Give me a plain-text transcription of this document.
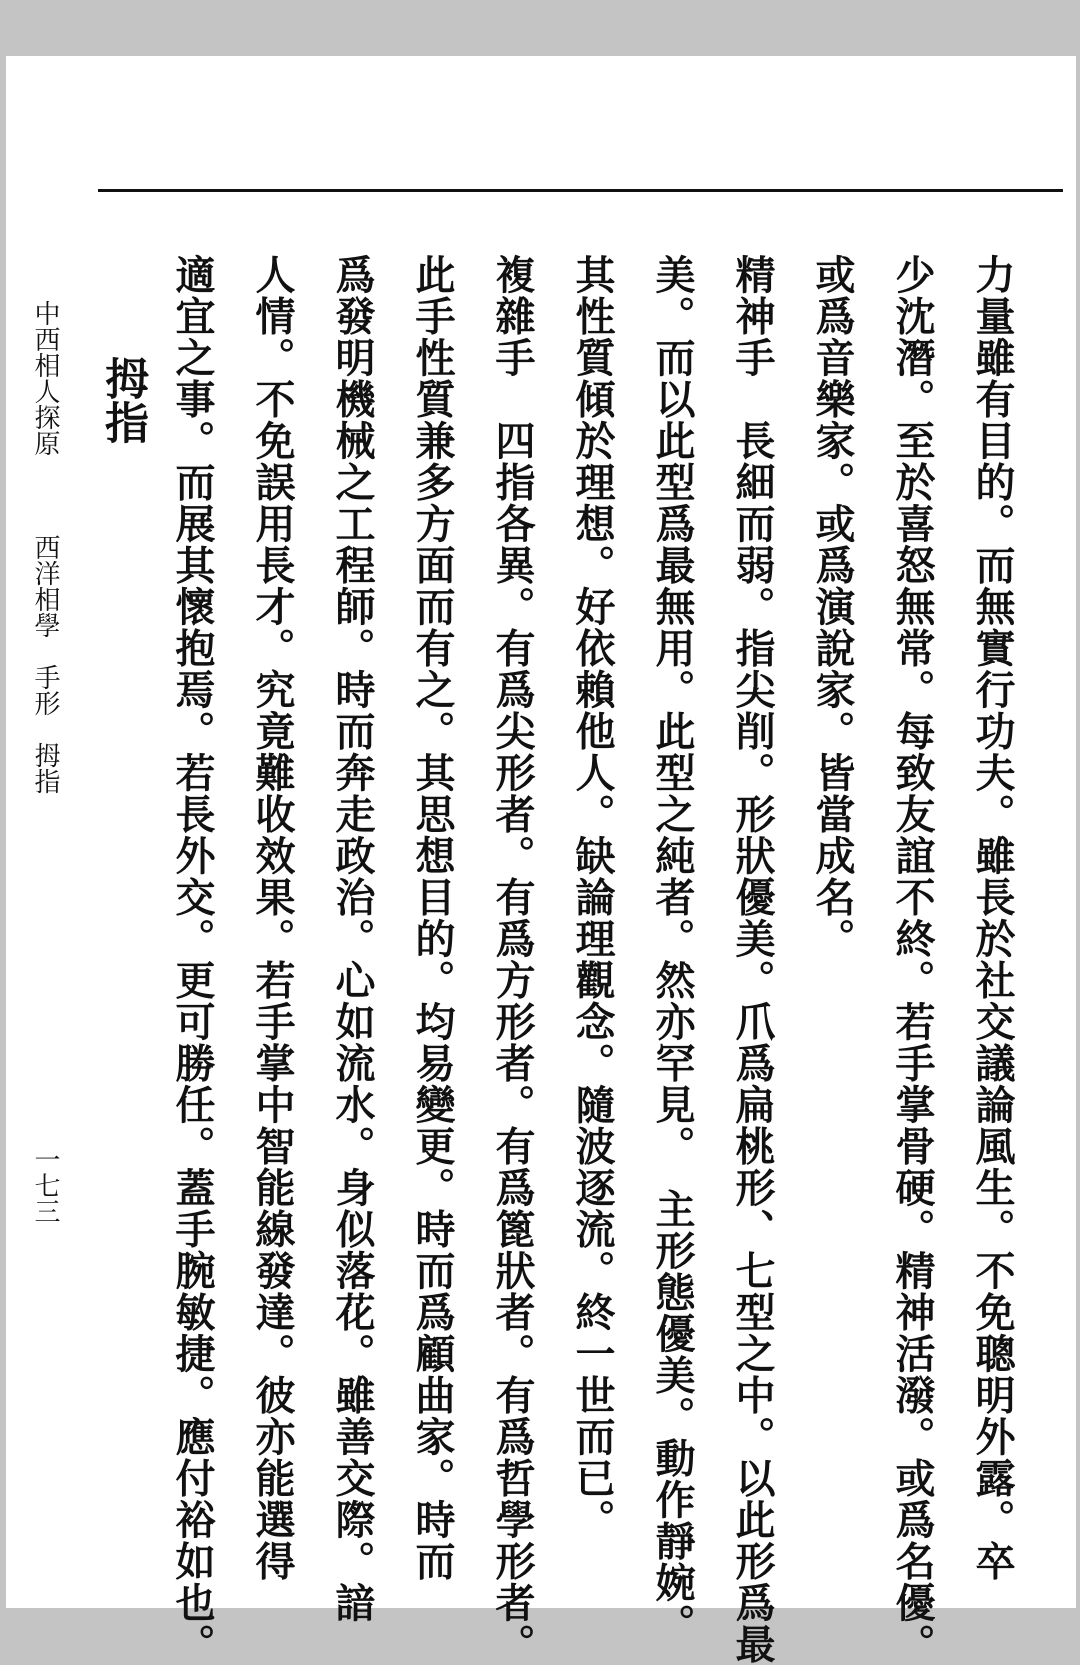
力量雖有目的。而無實行功夫。雖長於社交議論風生。不免聰明外露。卒
少沈潛。至於喜怒無常。每致友誼不終。若手掌骨硬。精神活潑。或爲名優。
或爲音樂家。或爲演說家。皆當成名。
精神手　長細而弱。指尖削。形狀優美。爪爲扁桃形、七型之中。以此形爲最
美。而以此型爲最無用。此型之純者。然亦罕見。　主形態優美。動作靜婉。
其性質傾於理想。好依賴他人。缺論理觀念。隨波逐流。終一世而已。
複雜手　四指各異。有爲尖形者。有爲方形者。有爲篦狀者。有爲哲學形者。
此手性質兼多方面而有之。其思想目的。均易變更。時而爲顧曲家。時而
爲發明機械之工程師。時而奔走政治。心如流水。身似落花。雖善交際。諳
人情。不免誤用長才。究竟難收效果。若手掌中智能線發達。彼亦能選得
適宜之事。而展其懷抱焉。若長外交。更可勝任。蓋手腕敏捷。應付裕如也。
拇指
中西相人探原
西洋相學　手形　拇指
一七三
